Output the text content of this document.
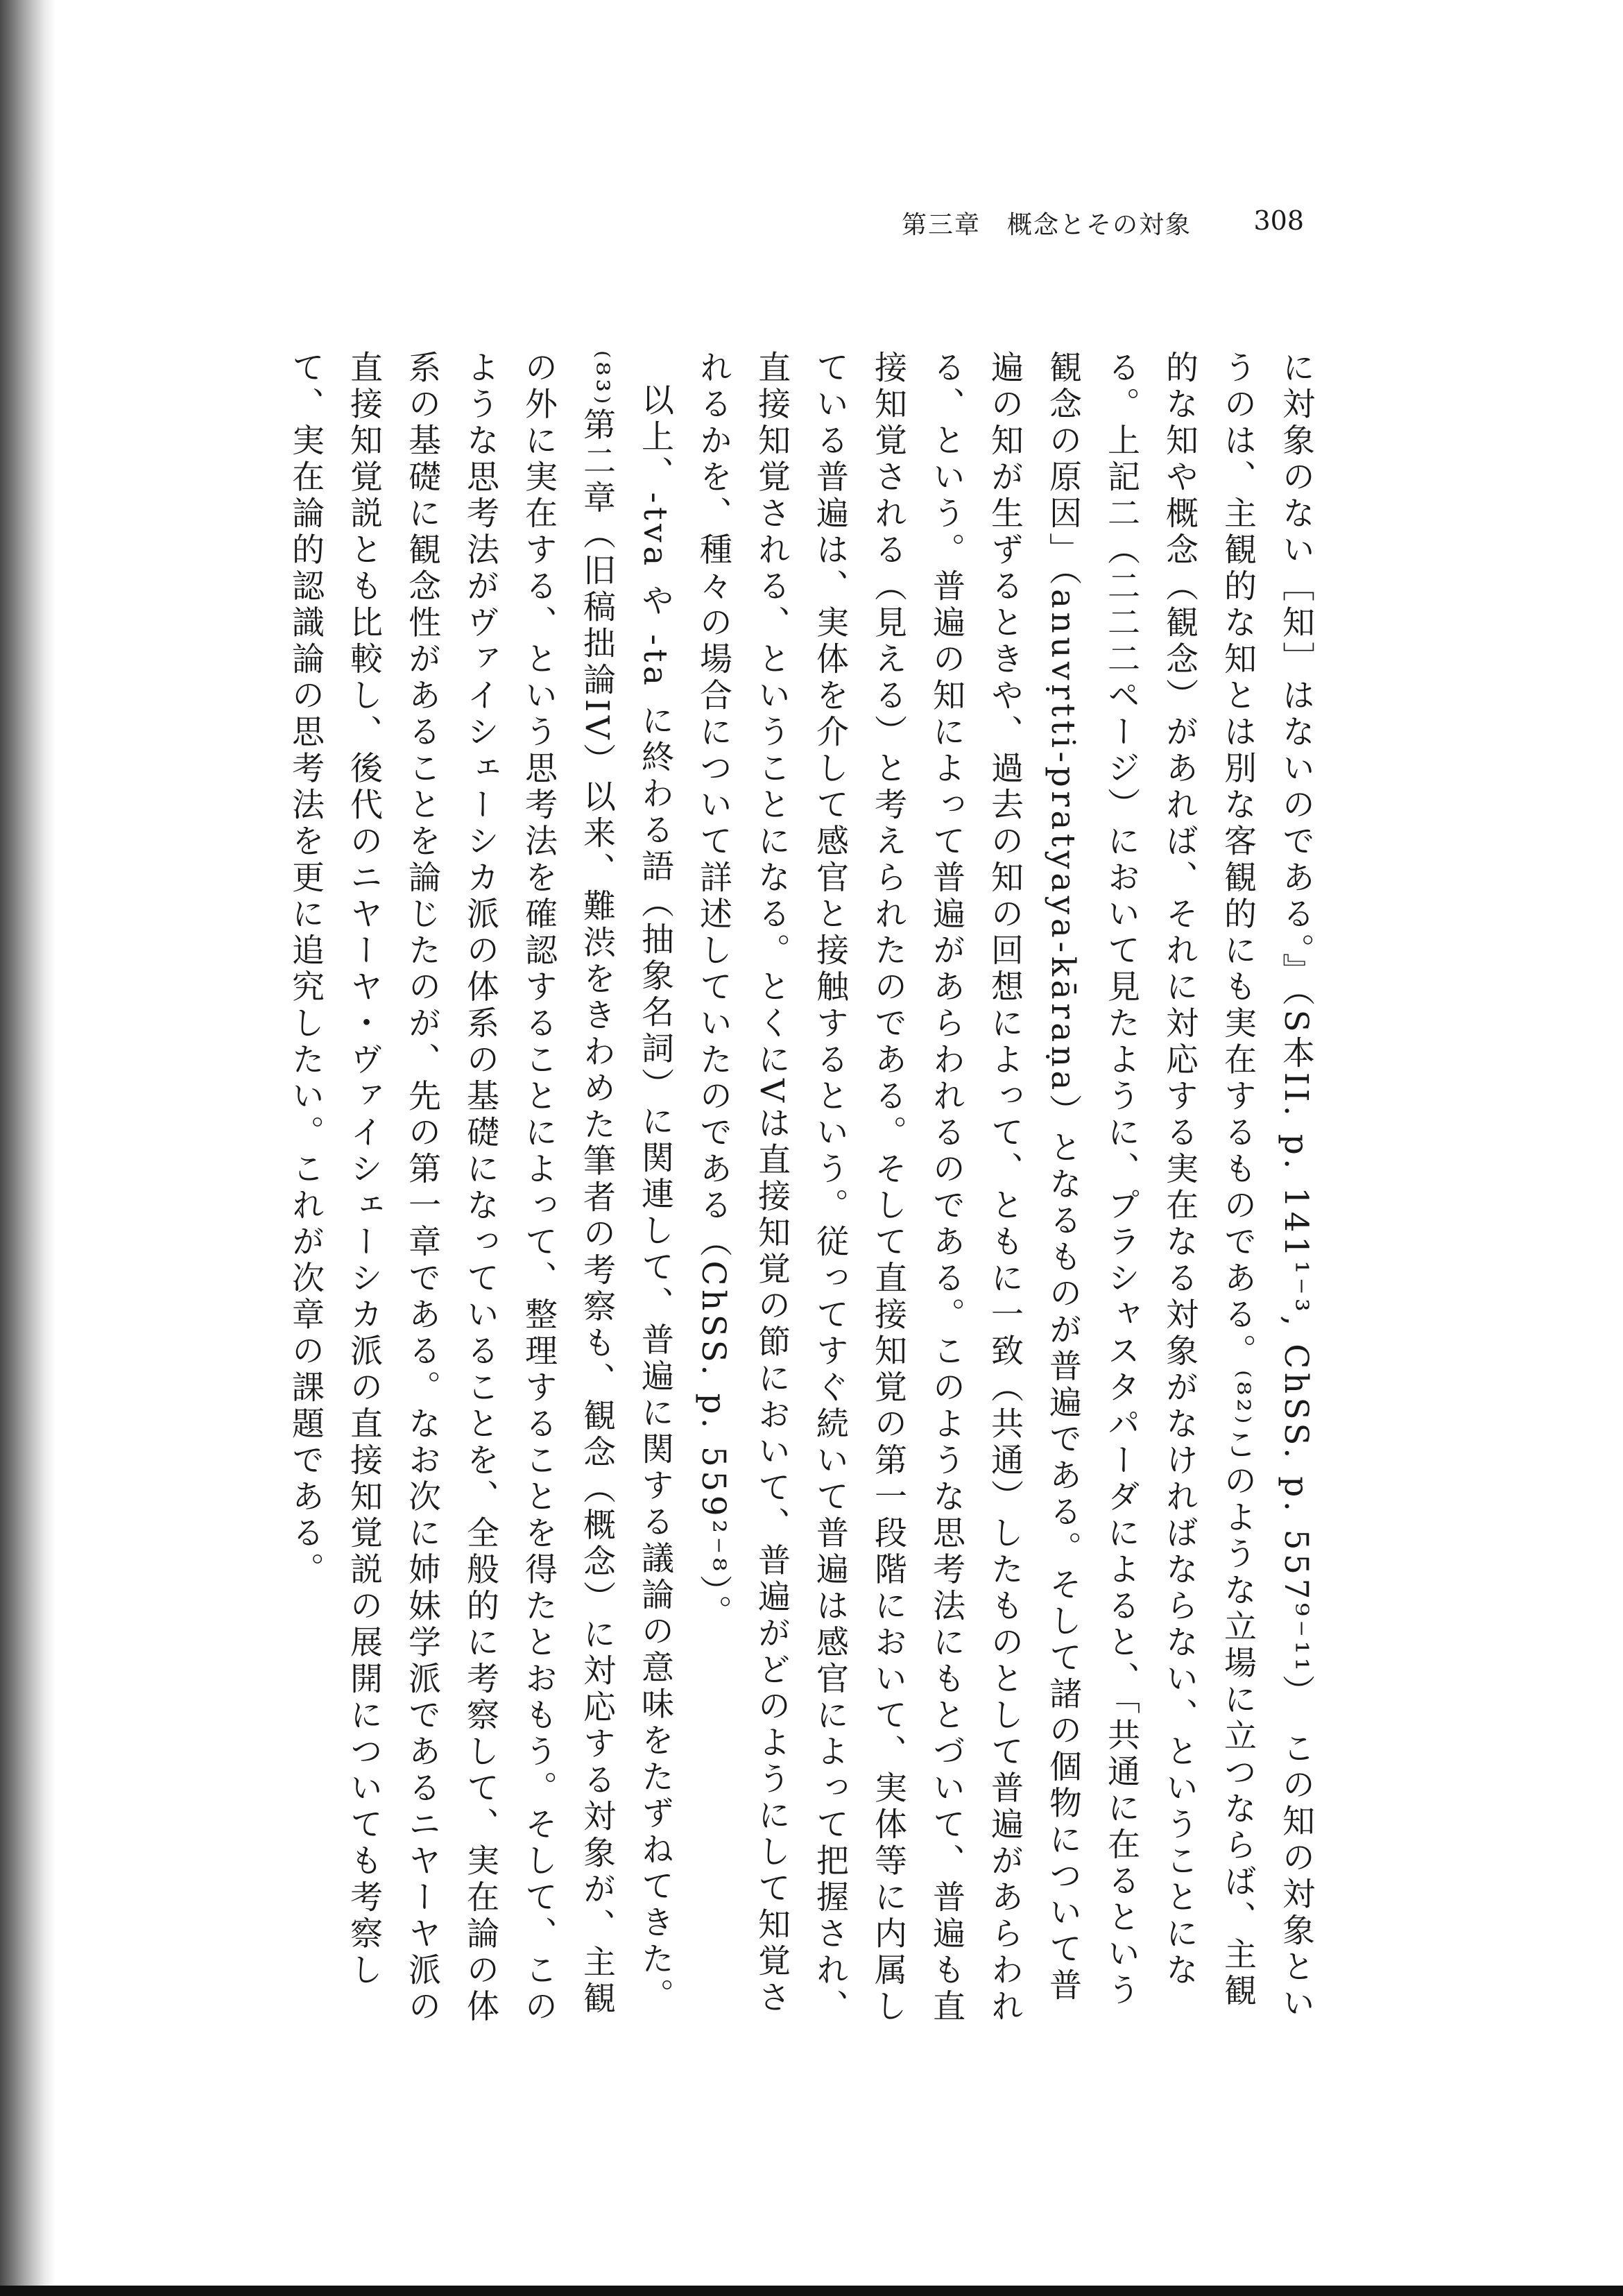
第三章　概念とその対象 308

に対象のない［知］はないのである。』（S本II. p. 141¹⁻³, ChSS. p. 557⁹⁻¹¹）　この知の対象というのは、主観的な知とは別な客観的にも実在するものである。⁽⁸²⁾このような立場に立つならば、主観的な知や概念（観念）があれば、それに対応する実在なる対象がなければならない、ということになる。上記二（二二二ページ）において見たように、プラシャスタパーダによると、「共通に在るという観念の原因」（anuvṛtti-pratyaya-kāraṇa）となるものが普遍である。そして諸の個物について普遍の知が生ずるときや、過去の知の回想によって、ともに一致（共通）したものとして普遍があらわれる、という。普遍の知によって普遍があらわれるのである。このような思考法にもとづいて、普遍も直接知覚される（見える）と考えられたのである。そして直接知覚の第一段階において、実体等に内属している普遍は、実体を介して感官と接触するという。従ってすぐ続いて普遍は感官によって把握され、直接知覚される、ということになる。とくにVは直接知覚の節において、普遍がどのようにして知覚されるかを、種々の場合について詳述していたのである（ChSS. p. 559²⁻⁸）。

以上、-tva や -ta に終わる語（抽象名詞）に関連して、普遍に関する議論の意味をたずねてきた。⁽⁸³⁾第二章（旧稿拙論IV）以来、難渋をきわめた筆者の考察も、観念（概念）に対応する対象が、主観の外に実在する、という思考法を確認することによって、整理することを得たとおもう。そして、このような思考法がヴァイシェーシカ派の体系の基礎になっていることを、全般的に考察して、実在論の体系の基礎に観念性があることを論じたのが、先の第一章である。なお次に姉妹学派であるニヤーヤ派の直接知覚説とも比較し、後代のニヤーヤ・ヴァイシェーシカ派の直接知覚説の展開についても考察して、実在論的認識論の思考法を更に追究したい。これが次章の課題である。
